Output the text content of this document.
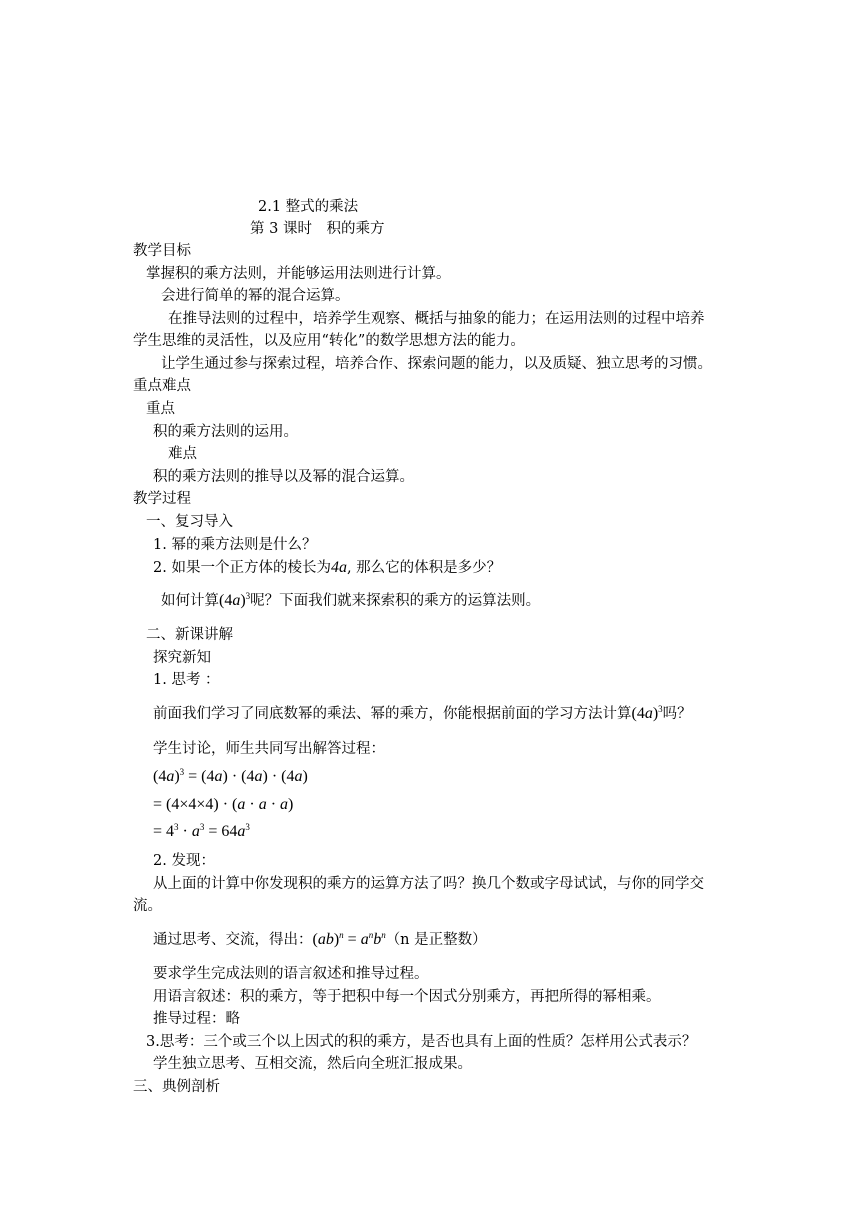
2.1 整式的乘法
第 3 课时　积的乘方
教学目标
掌握积的乘方法则，并能够运用法则进行计算。
会进行简单的幂的混合运算。
在推导法则的过程中，培养学生观察、概括与抽象的能力；在运用法则的过程中培养
学生思维的灵活性，以及应用“转化”的数学思想方法的能力。
让学生通过参与探索过程，培养合作、探索问题的能力，以及质疑、独立思考的习惯。
重点难点
重点
积的乘方法则的运用。
难点
积的乘方法则的推导以及幂的混合运算。
教学过程
一、复习导入
1. 幂的乘方法则是什么？
2. 如果一个正方体的棱长为4a, 那么它的体积是多少？
如何计算$(4a)^3$呢？下面我们就来探索积的乘方的运算法则。
二、新课讲解
探究新知
1. 思考 ：
前面我们学习了同底数幂的乘法、幂的乘方，你能根据前面的学习方法计算$(4a)^3$吗？
学生讨论，师生共同写出解答过程：
$(4a)^3 = (4a) \cdot (4a) \cdot (4a)$
= (4×4×4) · (a · a · a)
= $4^3 \cdot a^3 = 64a^3$
2. 发现：
从上面的计算中你发现积的乘方的运算方法了吗？换几个数或字母试试，与你的同学交
流。
通过思考、交流，得出：$(ab)^n = a^nb^n(n$ 是正整数）
要求学生完成法则的语言叙述和推导过程。
用语言叙述：积的乘方，等于把积中每一个因式分别乘方，再把所得的幂相乘。
推导过程：略
3.思考：三个或三个以上因式的积的乘方，是否也具有上面的性质？怎样用公式表示？
学生独立思考、互相交流，然后向全班汇报成果。
三、典例剖析
